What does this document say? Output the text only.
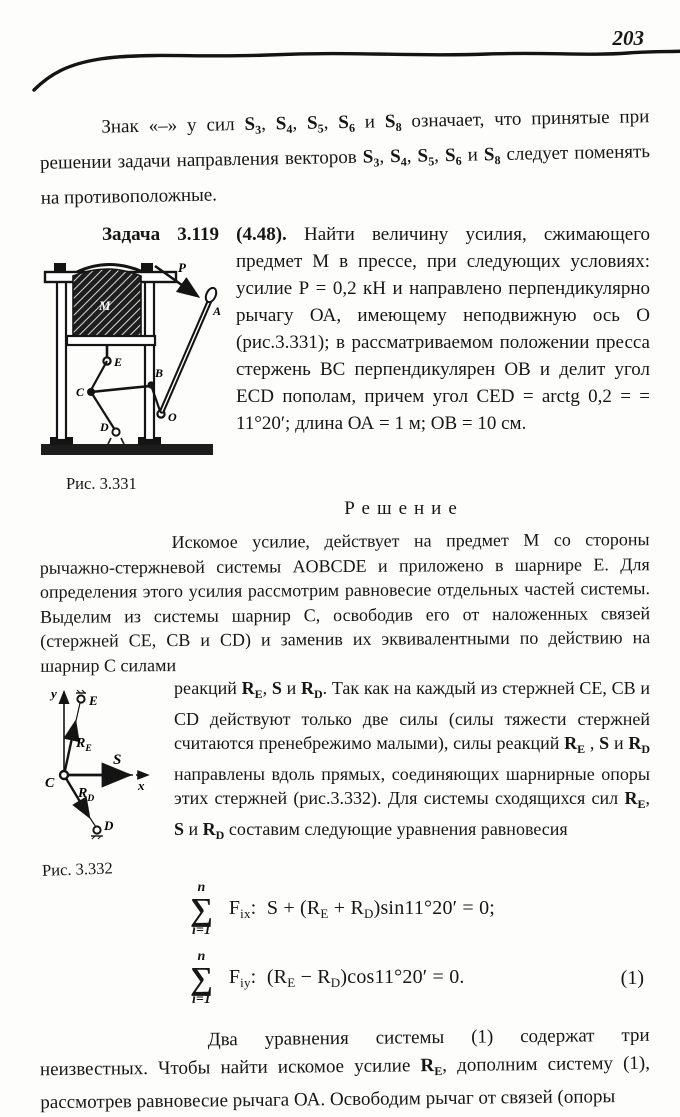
203
Знак «–» у сил $S_3$, $S_4$, $S_5$, $S_6$ и $S_8$ означает, что принятые при решении задачи направления векторов $S_3$, $S_4$, $S_5$, $S_6$ и $S_8$ следует поменять на противоположные.
Задача 3.119 (4.48). Найти величину усилия, сжимающего
M
E
C
D
B
O
A
P
Рис. 3.331
предмет М в прессе, при следующих условиях: усилие Р = 0,2 кН и направлено перпендикулярно рычагу ОА, имеющему неподвижную ось О (рис.3.331); в рассматриваемом положении пресса стержень ВС перпендикулярен ОВ и делит угол ECD пополам, причем угол CED = arctg 0,2 = = 11°20′; длина ОА = 1 м; ОВ = 10 см.
Решение
Искомое усилие, действует на предмет М со стороны рычажно-стержневой системы AOBCDE и приложено в шарнире Е. Для определения этого усилия рассмотрим равновесие отдельных частей системы. Выделим из системы шарнир С, освободив его от наложенных связей (стержней СЕ, СВ и CD) и заменив их эквивалентными по действию на шарнир С силами
y E
$R_E$
x
S
$R_D$
D
C
Рис. 3.332
реакций $R_E$, S и $R_D$. Так как на каждый из стержней СЕ, СВ и CD действуют только две силы (силы тяжести стержней считаются пренебрежимо малыми), силы реакций $R_E$ , S и $R_D$ направлены вдоль прямых, соединяющих шарнирные опоры этих стержней (рис.3.332). Для системы сходящихся сил $R_E$, S и $R_D$ составим следующие уравнения равновесия
n
∑
i=1
$F_{ix}$:  $S + (R_E + R_D)\sin 11^\circ 20' = 0$;
n
∑
i=1
$F_{iy}$:  $(R_E - R_D)\cos 11^\circ 20' = 0$.	(1)
Два уравнения системы (1) содержат три неизвестных. Чтобы найти искомое усилие $R_E$, дополним систему (1), рассмотрев равновесие рычага ОА. Освободим рычаг от связей (опоры
